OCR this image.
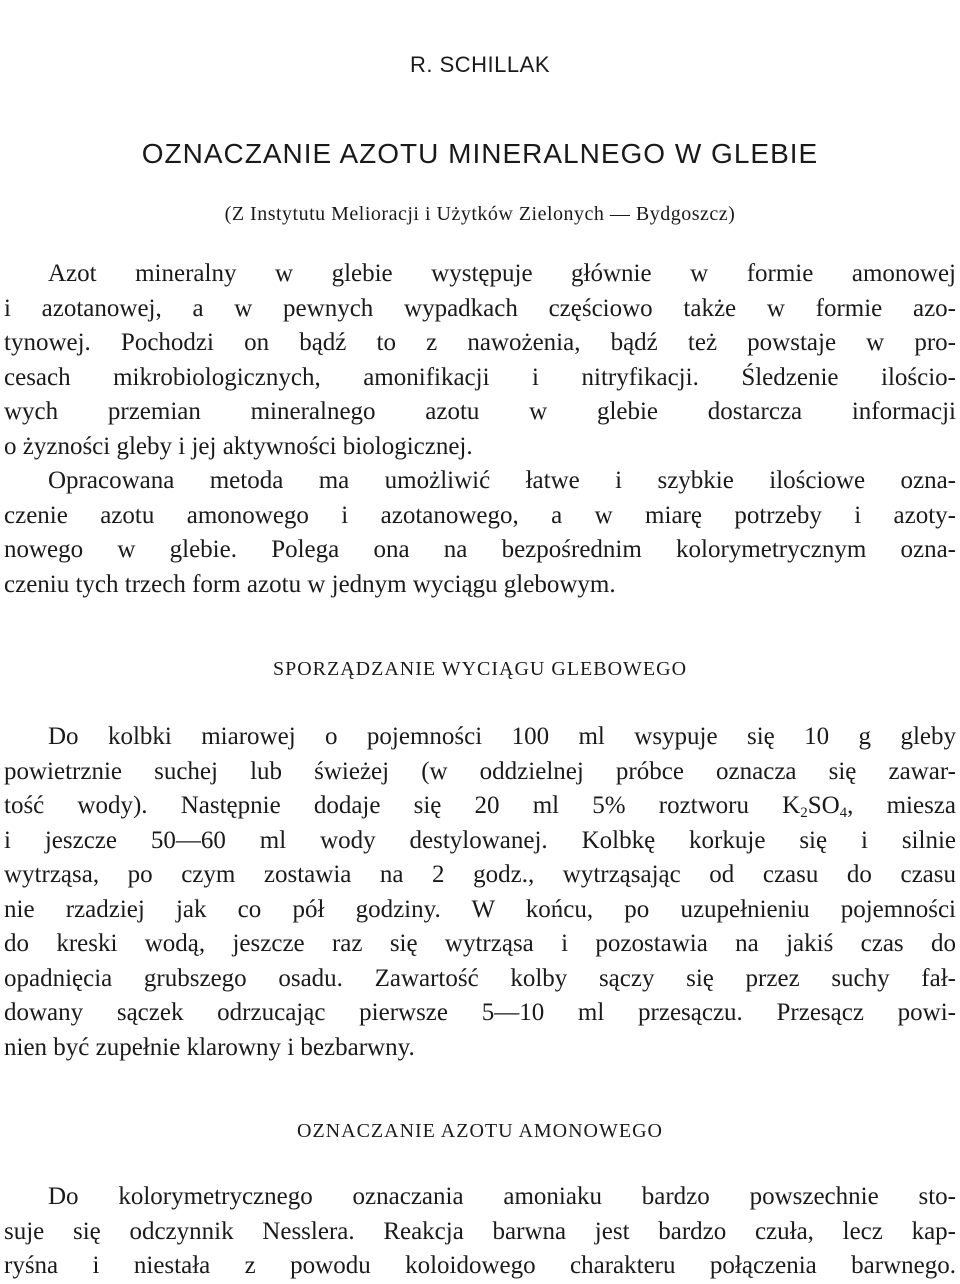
R. SCHILLAK
OZNACZANIE AZOTU MINERALNEGO W GLEBIE
(Z Instytutu Melioracji i Użytków Zielonych — Bydgoszcz)
Azot mineralny w glebie występuje głównie w formie amonowej
i azotanowej, a w pewnych wypadkach częściowo także w formie azo-
tynowej. Pochodzi on bądź to z nawożenia, bądź też powstaje w pro-
cesach mikrobiologicznych, amonifikacji i nitryfikacji. Śledzenie ilościo-
wych przemian mineralnego azotu w glebie dostarcza informacji
o żyzności gleby i jej aktywności biologicznej.
Opracowana metoda ma umożliwić łatwe i szybkie ilościowe ozna-
czenie azotu amonowego i azotanowego, a w miarę potrzeby i azoty-
nowego w glebie. Polega ona na bezpośrednim kolorymetrycznym ozna-
czeniu tych trzech form azotu w jednym wyciągu glebowym.
SPORZĄDZANIE WYCIĄGU GLEBOWEGO
Do kolbki miarowej o pojemności 100 ml wsypuje się 10 g gleby
powietrznie suchej lub świeżej (w oddzielnej próbce oznacza się zawar-
tość wody). Następnie dodaje się 20 ml 5% roztworu $K_2SO_4$, miesza
i jeszcze 50—60 ml wody destylowanej. Kolbkę korkuje się i silnie
wytrząsa, po czym zostawia na 2 godz., wytrząsając od czasu do czasu
nie rzadziej jak co pół godziny. W końcu, po uzupełnieniu pojemności
do kreski wodą, jeszcze raz się wytrząsa i pozostawia na jakiś czas do
opadnięcia grubszego osadu. Zawartość kolby sączy się przez suchy fał-
dowany sączek odrzucając pierwsze 5—10 ml przesączu. Przesącz powi-
nien być zupełnie klarowny i bezbarwny.
OZNACZANIE AZOTU AMONOWEGO
Do kolorymetrycznego oznaczania amoniaku bardzo powszechnie sto-
suje się odczynnik Nesslera. Reakcja barwna jest bardzo czuła, lecz kap-
ryśna i niestała z powodu koloidowego charakteru połączenia barwnego.
